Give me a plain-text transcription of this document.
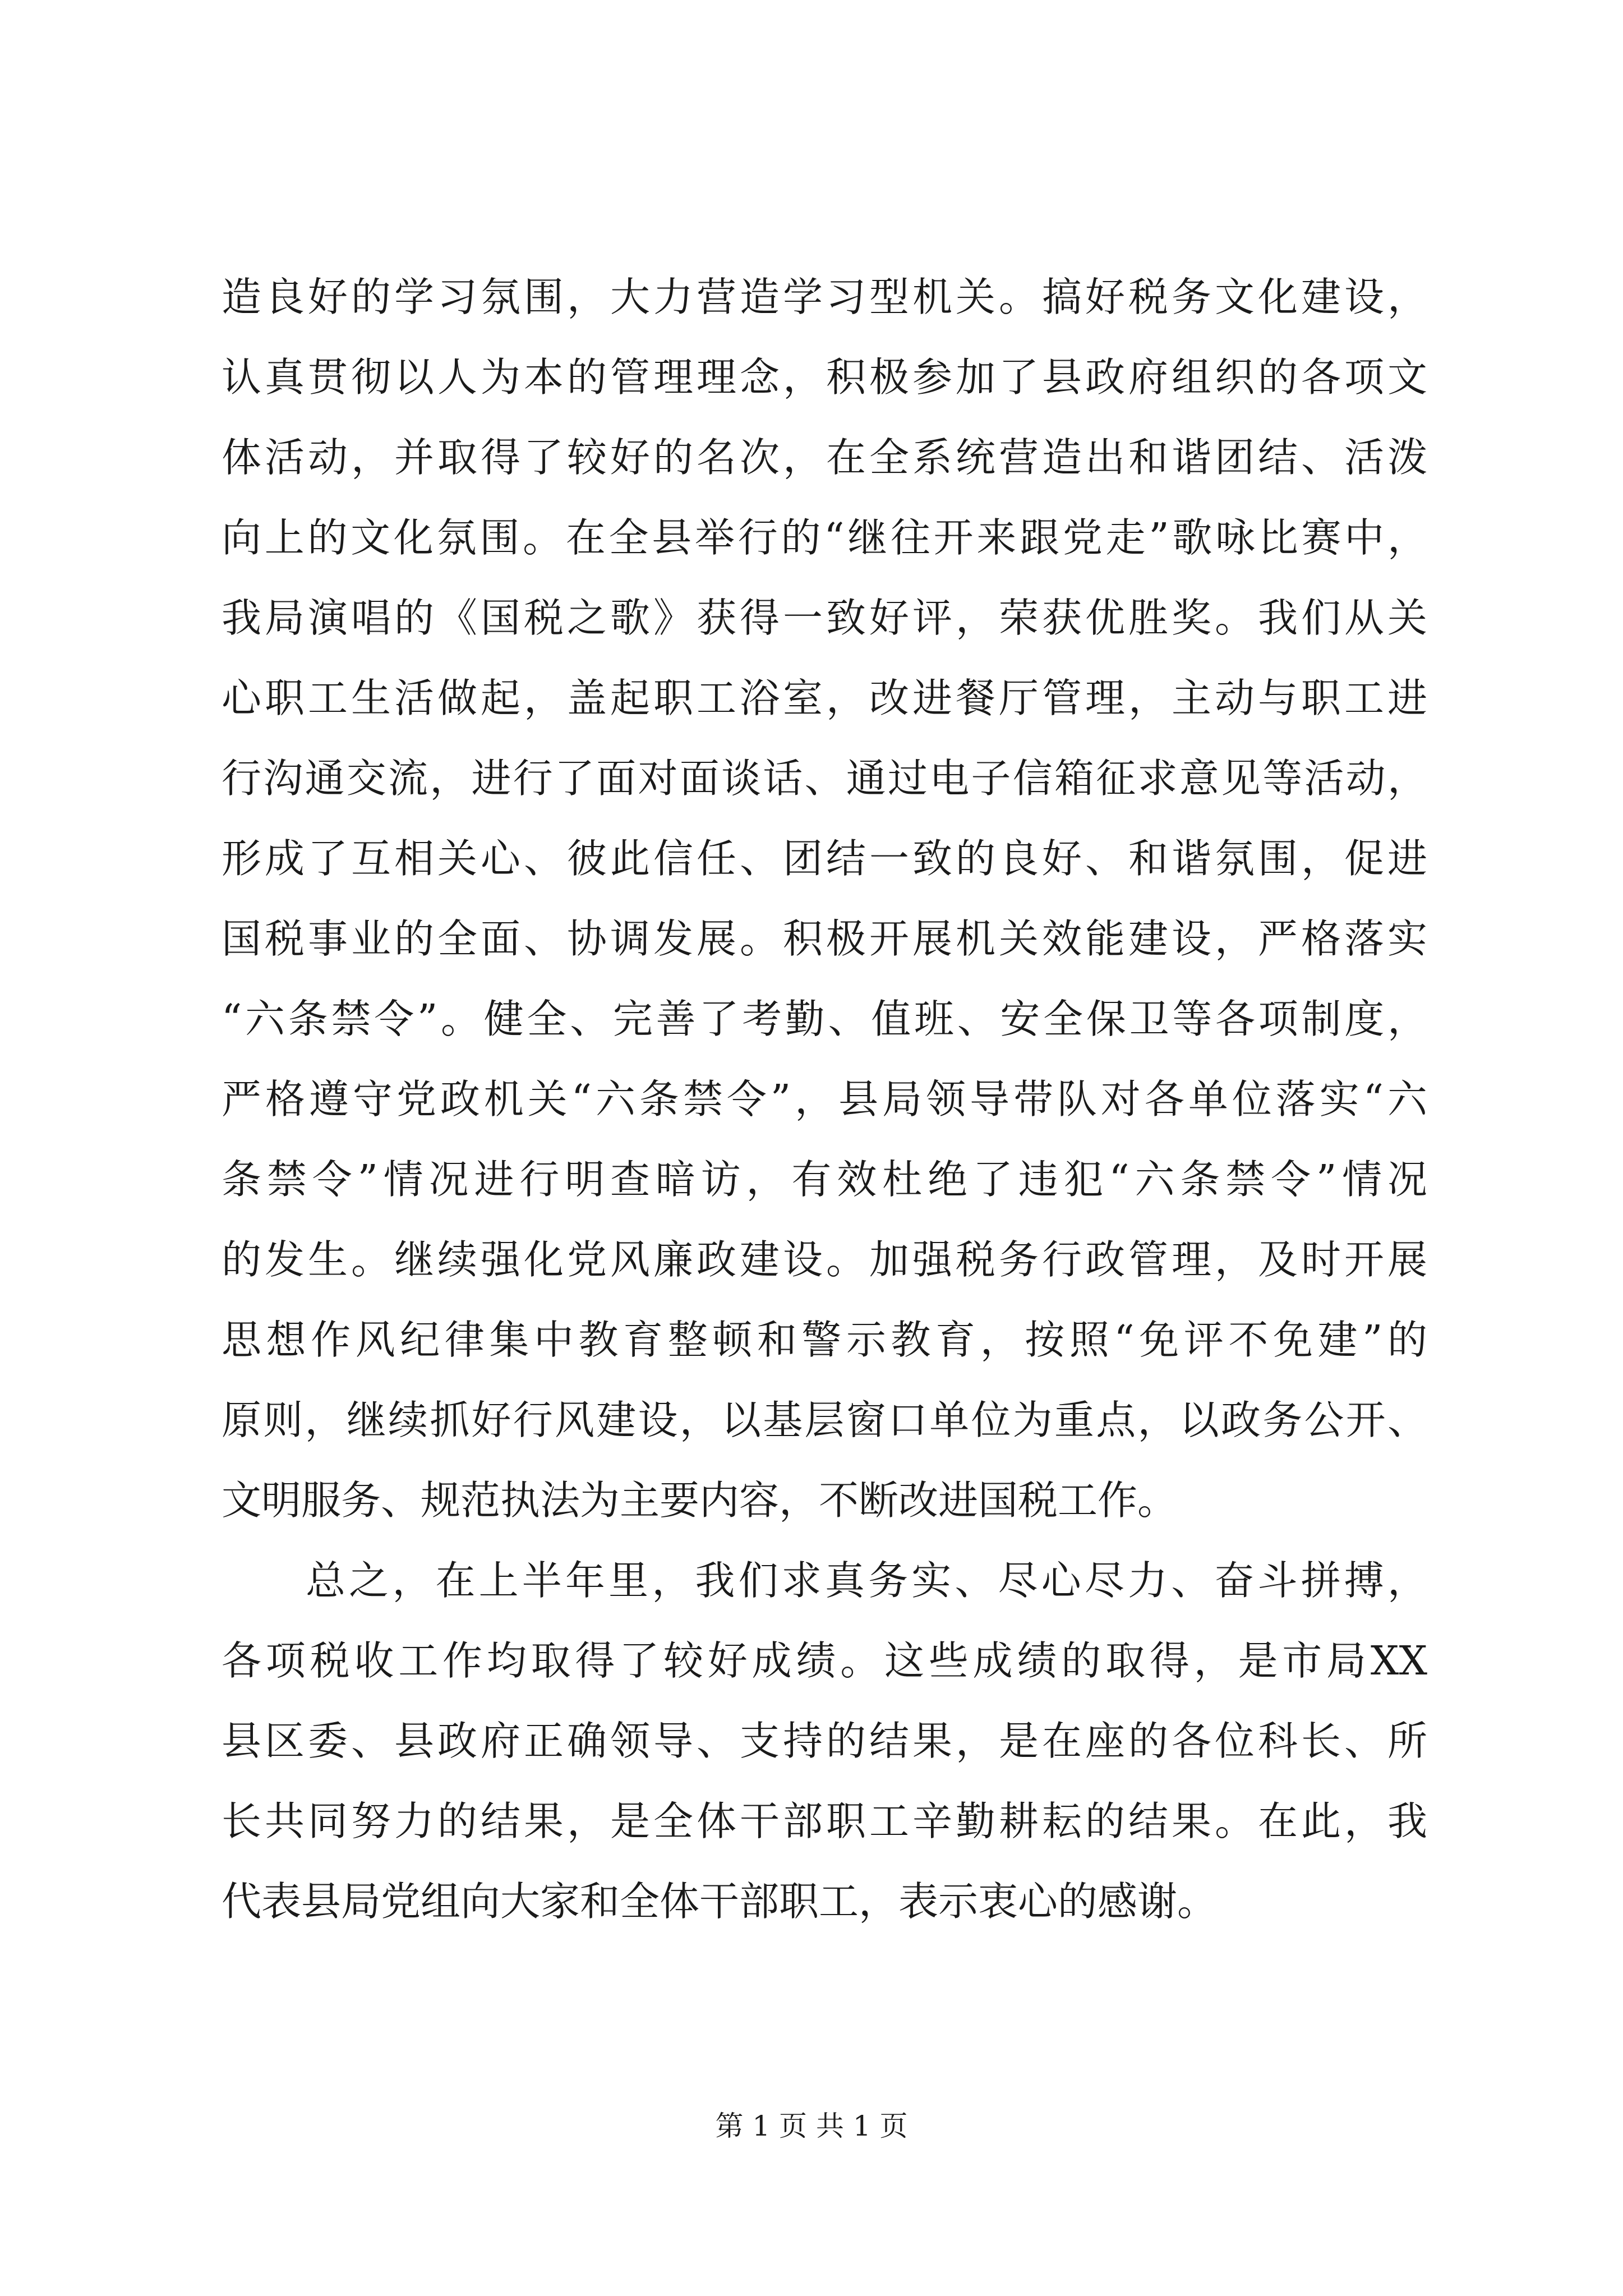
造良好的学习氛围，大力营造学习型机关。搞好税务文化建设，
认真贯彻以人为本的管理理念，积极参加了县政府组织的各项文
体活动，并取得了较好的名次，在全系统营造出和谐团结、活泼
向上的文化氛围。在全县举行的“继往开来跟党走”歌咏比赛中，
我局演唱的《国税之歌》获得一致好评，荣获优胜奖。我们从关
心职工生活做起，盖起职工浴室，改进餐厅管理，主动与职工进
行沟通交流，进行了面对面谈话、通过电子信箱征求意见等活动，
形成了互相关心、彼此信任、团结一致的良好、和谐氛围，促进
国税事业的全面、协调发展。积极开展机关效能建设，严格落实
“六条禁令”。健全、完善了考勤、值班、安全保卫等各项制度，
严格遵守党政机关“六条禁令”，县局领导带队对各单位落实“六
条禁令”情况进行明查暗访，有效杜绝了违犯“六条禁令”情况
的发生。继续强化党风廉政建设。加强税务行政管理，及时开展
思想作风纪律集中教育整顿和警示教育，按照“免评不免建”的
原则，继续抓好行风建设，以基层窗口单位为重点，以政务公开、
文明服务、规范执法为主要内容，不断改进国税工作。
总之，在上半年里，我们求真务实、尽心尽力、奋斗拼搏，
各项税收工作均取得了较好成绩。这些成绩的取得，是市局XX
县区委、县政府正确领导、支持的结果，是在座的各位科长、所
长共同努力的结果，是全体干部职工辛勤耕耘的结果。在此，我
代表县局党组向大家和全体干部职工，表示衷心的感谢。
第 1 页 共 1 页
